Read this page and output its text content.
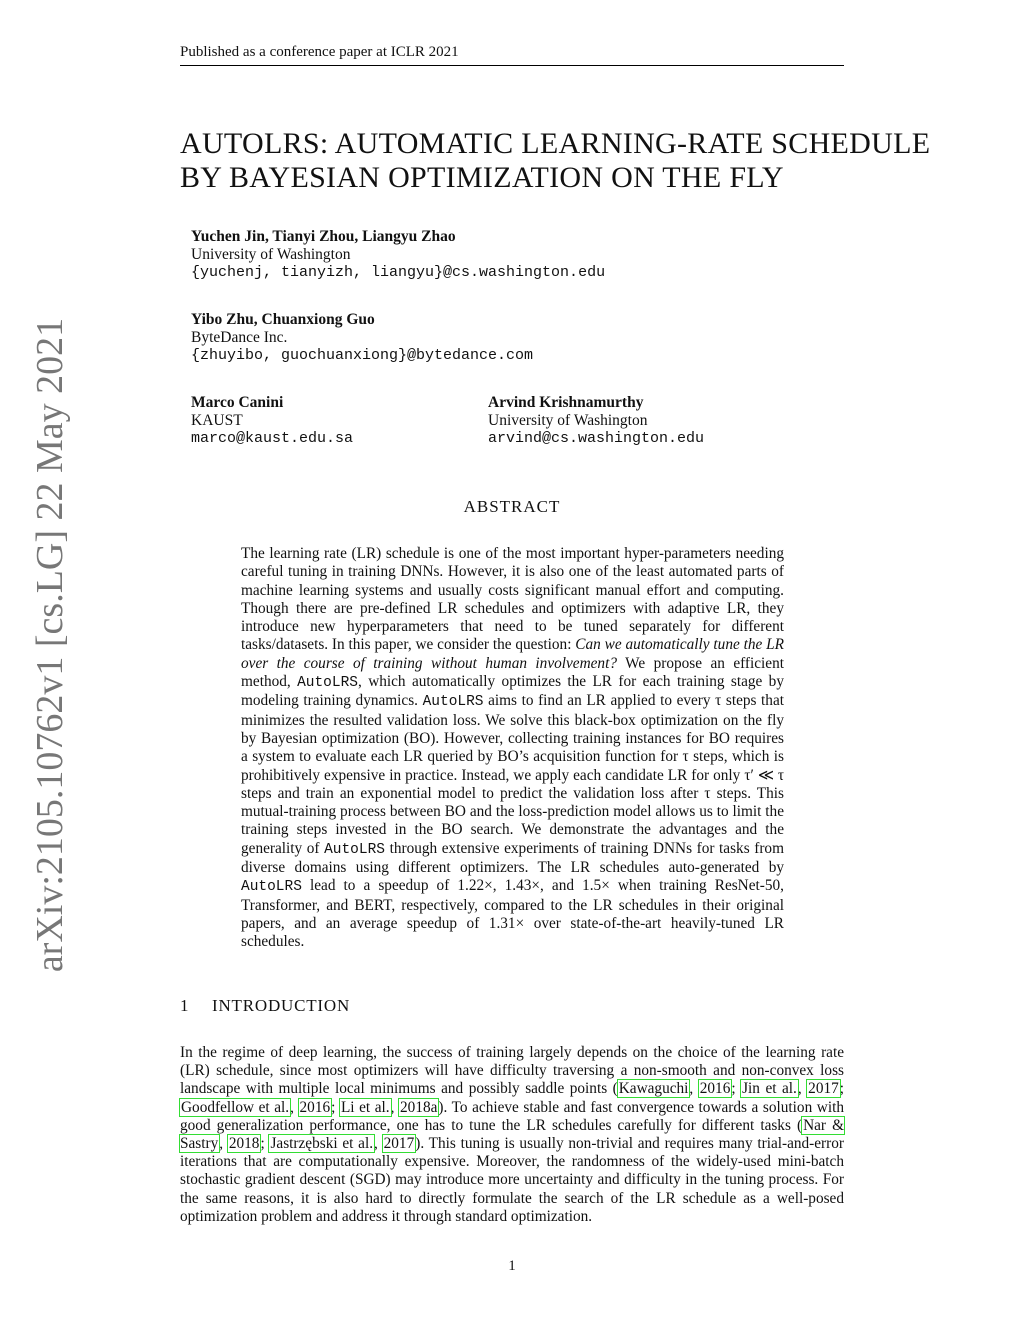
Published as a conference paper at ICLR 2021
arXiv:2105.10762v1 [cs.LG] 22 May 2021
AUTOLRS: AUTOMATIC LEARNING-RATE SCHEDULE
BY BAYESIAN OPTIMIZATION ON THE FLY
Yuchen Jin, Tianyi Zhou, Liangyu Zhao
University of Washington
{yuchenj, tianyizh, liangyu}@cs.washington.edu
Yibo Zhu, Chuanxiong Guo
ByteDance Inc.
{zhuyibo, guochuanxiong}@bytedance.com
Marco Canini
KAUST
marco@kaust.edu.sa
Arvind Krishnamurthy
University of Washington
arvind@cs.washington.edu
ABSTRACT

The learning rate (LR) schedule is one of the most important hyper-parameters needing careful tuning in training DNNs. However, it is also one of the least automated parts of machine learning systems and usually costs significant manual effort and computing. Though there are pre-defined LR schedules and optimizers with adaptive LR, they introduce new hyperparameters that need to be tuned separately for different tasks/datasets. In this paper, we consider the question: Can we automatically tune the LR over the course of training without human involvement? We propose an efficient method, AutoLRS, which automatically optimizes the LR for each training stage by modeling training dynamics. AutoLRS aims to find an LR applied to every τ steps that minimizes the resulted validation loss. We solve this black-box optimization on the fly by Bayesian optimization (BO). However, collecting training instances for BO requires a system to evaluate each LR queried by BO’s acquisition function for τ steps, which is prohibitively expensive in practice. Instead, we apply each candidate LR for only τ′ ≪ τ steps and train an exponential model to predict the validation loss after τ steps. This mutual-training process between BO and the loss-prediction model allows us to limit the training steps invested in the BO search. We demonstrate the advantages and the generality of AutoLRS through extensive experiments of training DNNs for tasks from diverse domains using different optimizers. The LR schedules auto-generated by AutoLRS lead to a speedup of 1.22×, 1.43×, and 1.5× when training ResNet-50, Transformer, and BERT, respectively, compared to the LR schedules in their original papers, and an average speedup of 1.31× over state-of-the-art heavily-tuned LR schedules.

1 INTRODUCTION

In the regime of deep learning, the success of training largely depends on the choice of the learning rate (LR) schedule, since most optimizers will have difficulty traversing a non-smooth and non-convex loss landscape with multiple local minimums and possibly saddle points (Kawaguchi, 2016; Jin et al., 2017; Goodfellow et al., 2016; Li et al., 2018a). To achieve stable and fast convergence towards a solution with good generalization performance, one has to tune the LR schedules carefully for different tasks (Nar & Sastry, 2018; Jastrzębski et al., 2017). This tuning is usually non-trivial and requires many trial-and-error iterations that are computationally expensive. Moreover, the randomness of the widely-used mini-batch stochastic gradient descent (SGD) may introduce more uncertainty and difficulty in the tuning process. For the same reasons, it is also hard to directly formulate the search of the LR schedule as a well-posed optimization problem and address it through standard optimization.

1
